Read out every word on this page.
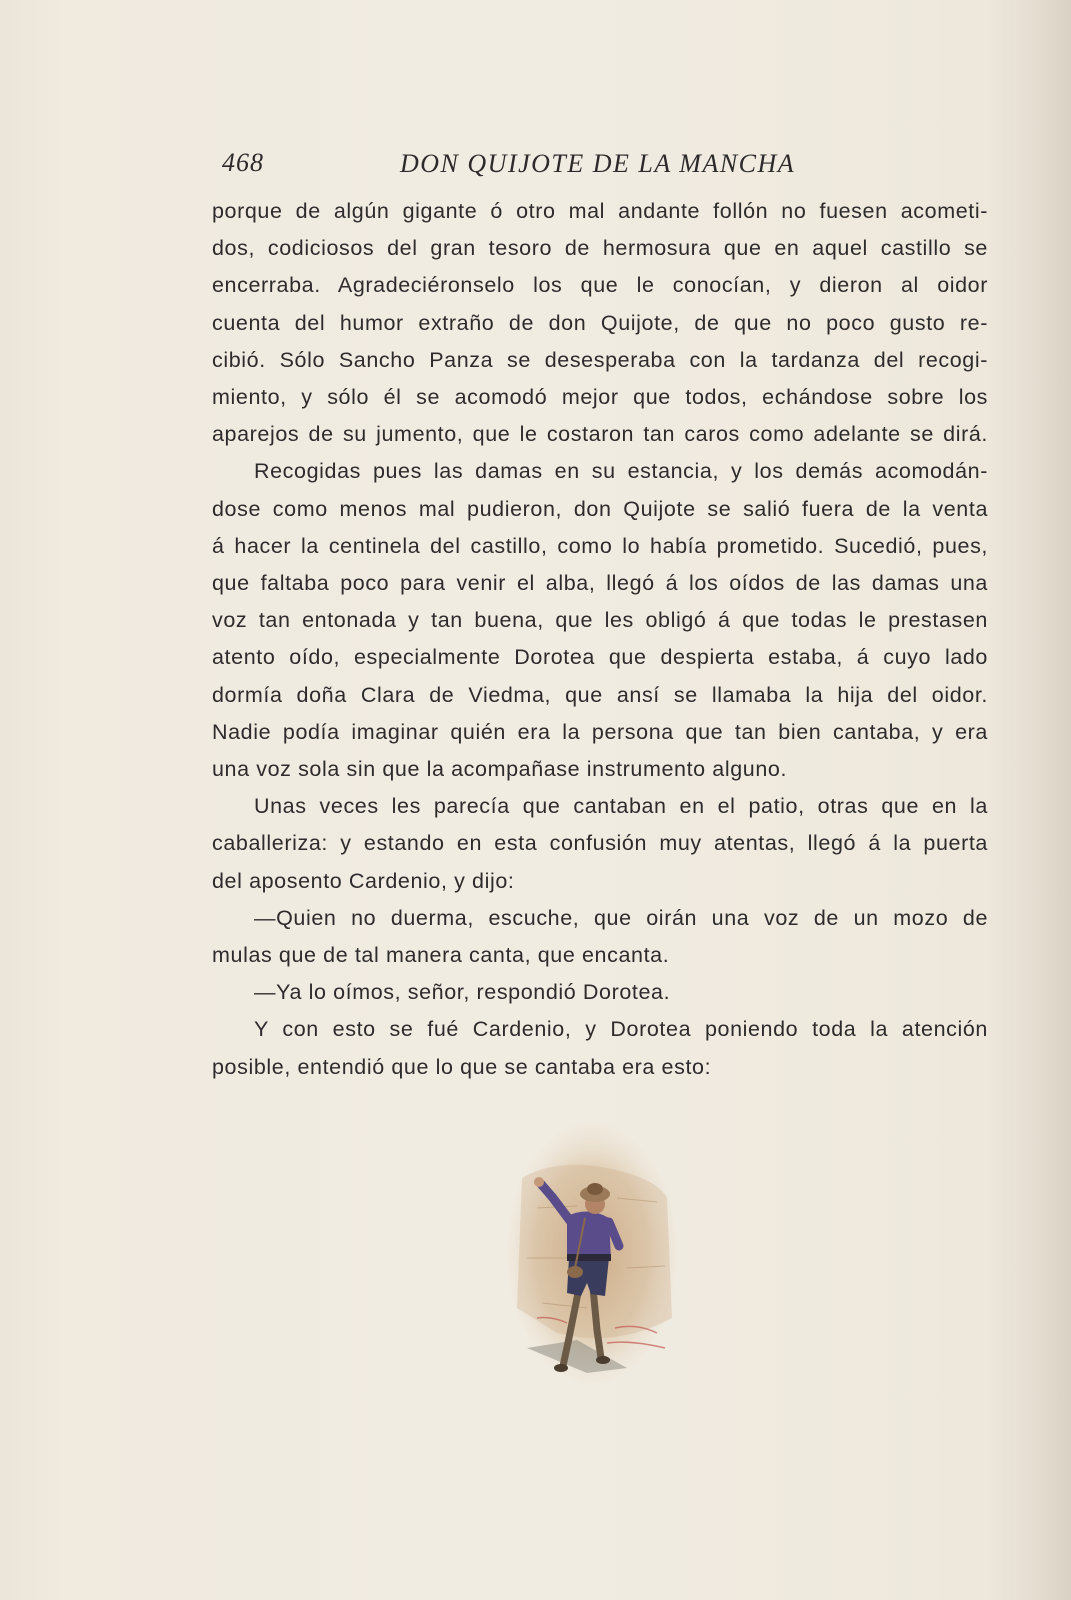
468	DON QUIJOTE DE LA MANCHA
porque de algún gigante ó otro mal andante follón no fuesen acometi-
dos, codiciosos del gran tesoro de hermosura que en aquel castillo se
encerraba. Agradeciéronselo los que le conocían, y dieron al oidor
cuenta del humor extraño de don Quijote, de que no poco gusto re-
cibió. Sólo Sancho Panza se desesperaba con la tardanza del recogi-
miento, y sólo él se acomodó mejor que todos, echándose sobre los
aparejos de su jumento, que le costaron tan caros como adelante se dirá.
Recogidas pues las damas en su estancia, y los demás acomodán-
dose como menos mal pudieron, don Quijote se salió fuera de la venta
á hacer la centinela del castillo, como lo había prometido. Sucedió, pues,
que faltaba poco para venir el alba, llegó á los oídos de las damas una
voz tan entonada y tan buena, que les obligó á que todas le prestasen
atento oído, especialmente Dorotea que despierta estaba, á cuyo lado
dormía doña Clara de Viedma, que ansí se llamaba la hija del oidor.
Nadie podía imaginar quién era la persona que tan bien cantaba, y era
una voz sola sin que la acompañase instrumento alguno.
Unas veces les parecía que cantaban en el patio, otras que en la
caballeriza: y estando en esta confusión muy atentas, llegó á la puerta
del aposento Cardenio, y dijo:
—Quien no duerma, escuche, que oirán una voz de un mozo de
mulas que de tal manera canta, que encanta.
—Ya lo oímos, señor, respondió Dorotea.
Y con esto se fué Cardenio, y Dorotea poniendo toda la atención
posible, entendió que lo que se cantaba era esto:
